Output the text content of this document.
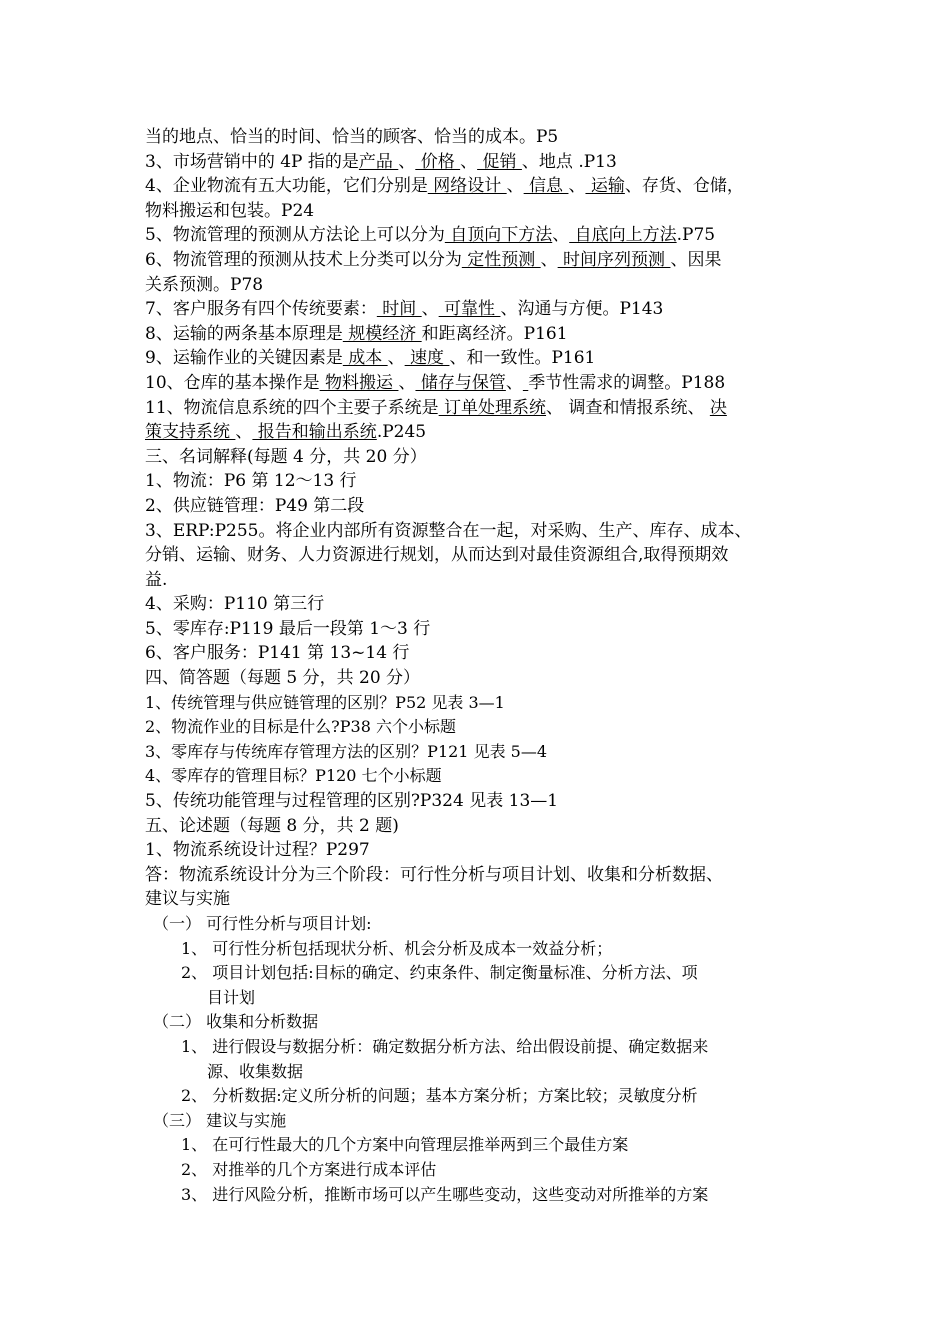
当的地点、恰当的时间、恰当的顾客、恰当的成本。P5
3、市场营销中的 4P 指的是产品 、 价格 、 促销 、地点 .P13
4、企业物流有五大功能，它们分别是 网络设计 、 信息 、 运输、存货、仓储，
物料搬运和包装。P24
5、物流管理的预测从方法论上可以分为 自顶向下方法、 自底向上方法.P75
6、物流管理的预测从技术上分类可以分为 定性预测 、 时间序列预测 、因果
关系预测。P78
7、客户服务有四个传统要素： 时间 、 可靠性 、沟通与方便。P143
8、运输的两条基本原理是 规模经济 和距离经济。P161
9、运输作业的关键因素是 成本 、 速度 、和一致性。P161
10、仓库的基本操作是 物料搬运 、 储存与保管、 季节性需求的调整。P188
11、物流信息系统的四个主要子系统是 订单处理系统、 调查和情报系统、 决
策支持系统 、 报告和输出系统.P245
三、名词解释(每题 4 分，共 20 分）
1、物流：P6 第 12～13 行
2、供应链管理：P49 第二段
3、ERP:P255。将企业内部所有资源整合在一起，对采购、生产、库存、成本、
分销、运输、财务、人力资源进行规划，从而达到对最佳资源组合,取得预期效
益.
4、采购：P110 第三行
5、零库存:P119 最后一段第 1～3 行
6、客户服务：P141 第 13~14 行
四、简答题（每题 5 分，共 20 分）
1、传统管理与供应链管理的区别？P52 见表 3—1
2、物流作业的目标是什么?P38 六个小标题
3、零库存与传统库存管理方法的区别？P121 见表 5—4
4、零库存的管理目标？P120 七个小标题
5、传统功能管理与过程管理的区别?P324 见表 13—1
五、论述题（每题 8 分，共 2 题)
1、物流系统设计过程？P297
答：物流系统设计分为三个阶段：可行性分析与项目计划、收集和分析数据、
建议与实施
（一） 可行性分析与项目计划:
1、 可行性分析包括现状分析、机会分析及成本一效益分析；
2、 项目计划包括:目标的确定、约束条件、制定衡量标准、分析方法、项
目计划
（二） 收集和分析数据
1、 进行假设与数据分析：确定数据分析方法、给出假设前提、确定数据来
源、收集数据
2、 分析数据:定义所分析的问题；基本方案分析；方案比较；灵敏度分析
（三） 建议与实施
1、 在可行性最大的几个方案中向管理层推举两到三个最佳方案
2、 对推举的几个方案进行成本评估
3、 进行风险分析，推断市场可以产生哪些变动，这些变动对所推举的方案
